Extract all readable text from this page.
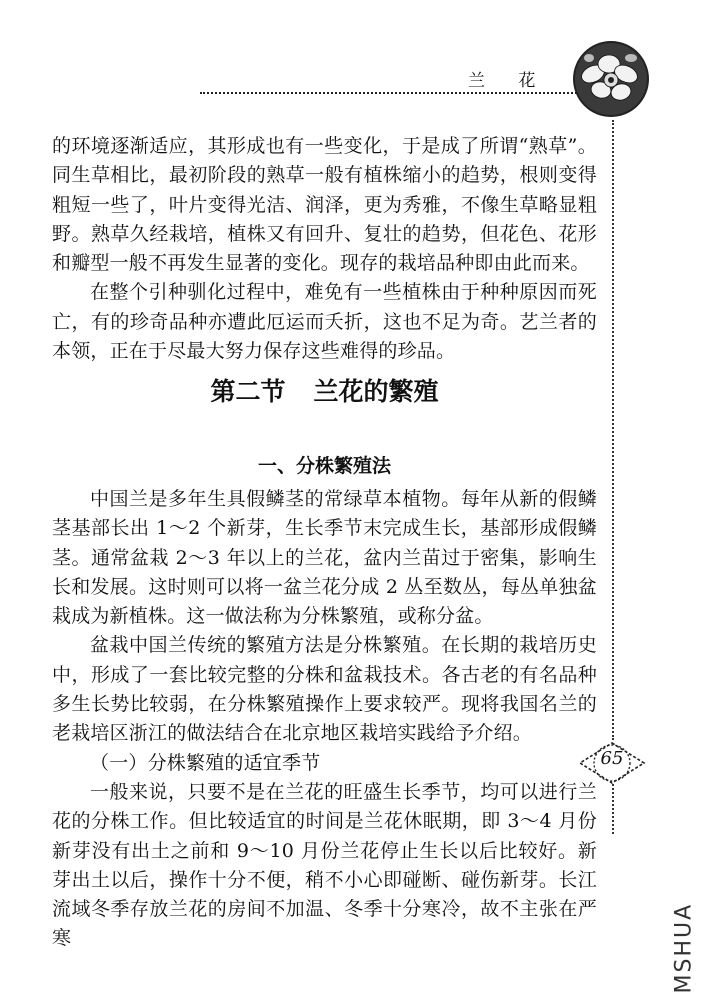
兰 花
65

的环境逐渐适应，其形成也有一些变化，于是成了所谓“熟草”。同生草相比，最初阶段的熟草一般有植株缩小的趋势，根则变得粗短一些了，叶片变得光洁、润泽，更为秀雅，不像生草略显粗野。熟草久经栽培，植株又有回升、复壮的趋势，但花色、花形和瓣型一般不再发生显著的变化。现存的栽培品种即由此而来。

在整个引种驯化过程中，难免有一些植株由于种种原因而死亡，有的珍奇品种亦遭此厄运而夭折，这也不足为奇。艺兰者的本领，正在于尽最大努力保存这些难得的珍品。

第二节 兰花的繁殖
一、分株繁殖法

中国兰是多年生具假鳞茎的常绿草本植物。每年从新的假鳞茎基部长出 1～2 个新芽，生长季节末完成生长，基部形成假鳞茎。通常盆栽 2～3 年以上的兰花，盆内兰苗过于密集，影响生长和发展。这时则可以将一盆兰花分成 2 丛至数丛，每丛单独盆栽成为新植株。这一做法称为分株繁殖，或称分盆。

盆栽中国兰传统的繁殖方法是分株繁殖。在长期的栽培历史中，形成了一套比较完整的分株和盆栽技术。各古老的有名品种多生长势比较弱，在分株繁殖操作上要求较严。现将我国名兰的老栽培区浙江的做法结合在北京地区栽培实践给予介绍。

（一）分株繁殖的适宜季节

一般来说，只要不是在兰花的旺盛生长季节，均可以进行兰花的分株工作。但比较适宜的时间是兰花休眠期，即 3～4 月份新芽没有出土之前和 9～10 月份兰花停止生长以后比较好。新芽出土以后，操作十分不便，稍不小心即碰断、碰伤新芽。长江流域冬季存放兰花的房间不加温、冬季十分寒冷，故不主张在严寒	MSHUA
